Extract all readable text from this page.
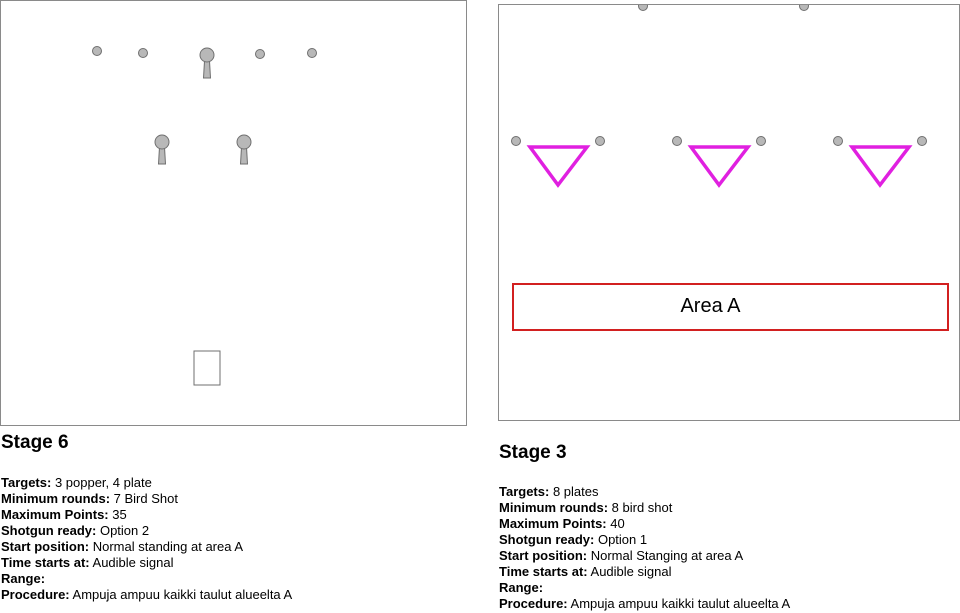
Stage 6
Targets: 3 popper, 4 plate
Minimum rounds: 7 Bird Shot
Maximum Points: 35
Shotgun ready: Option 2
Start position: Normal standing at area A
Time starts at: Audible signal
Range:
Procedure: Ampuja ampuu kaikki taulut alueelta A
Area A
Stage 3
Targets: 8 plates
Minimum rounds: 8 bird shot
Maximum Points: 40
Shotgun ready: Option 1
Start position: Normal Stanging at area A
Time starts at: Audible signal
Range:
Procedure: Ampuja ampuu kaikki taulut alueelta A
